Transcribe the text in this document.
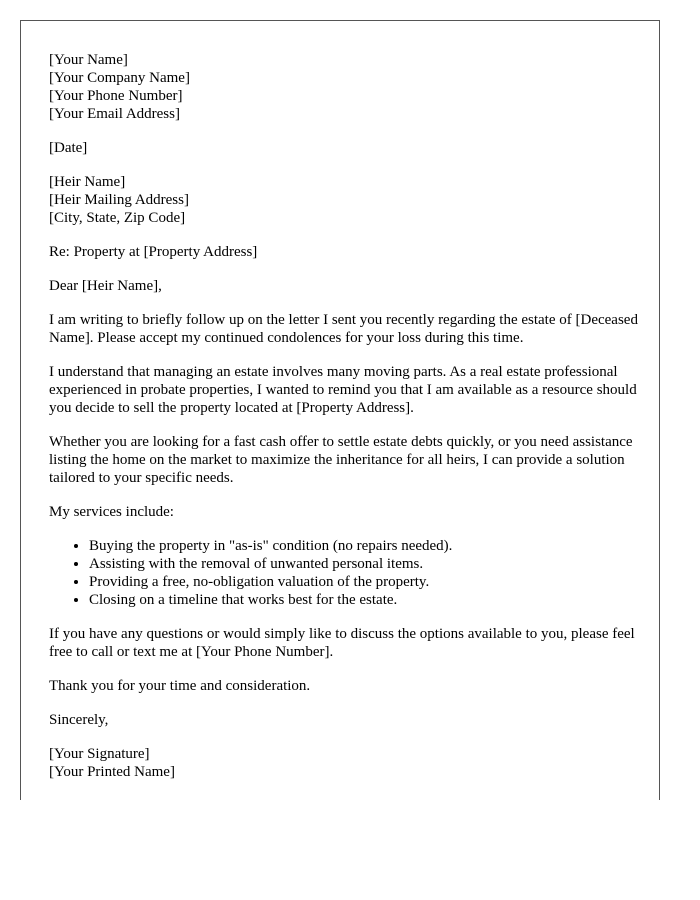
[Your Name]
[Your Company Name]
[Your Phone Number]
[Your Email Address]
[Date]
[Heir Name]
[Heir Mailing Address]
[City, State, Zip Code]
Re: Property at [Property Address]
Dear [Heir Name],

I am writing to briefly follow up on the letter I sent you recently regarding the estate of [Deceased Name]. Please accept my continued condolences for your loss during this time.

I understand that managing an estate involves many moving parts. As a real estate professional experienced in probate properties, I wanted to remind you that I am available as a resource should you decide to sell the property located at [Property Address].

Whether you are looking for a fast cash offer to settle estate debts quickly, or you need assistance listing the home on the market to maximize the inheritance for all heirs, I can provide a solution tailored to your specific needs.

My services include:

• Buying the property in "as-is" condition (no repairs needed).
• Assisting with the removal of unwanted personal items.
• Providing a free, no-obligation valuation of the property.
• Closing on a timeline that works best for the estate.

If you have any questions or would simply like to discuss the options available to you, please feel free to call or text me at [Your Phone Number].

Thank you for your time and consideration.

Sincerely,

[Your Signature]
[Your Printed Name]
